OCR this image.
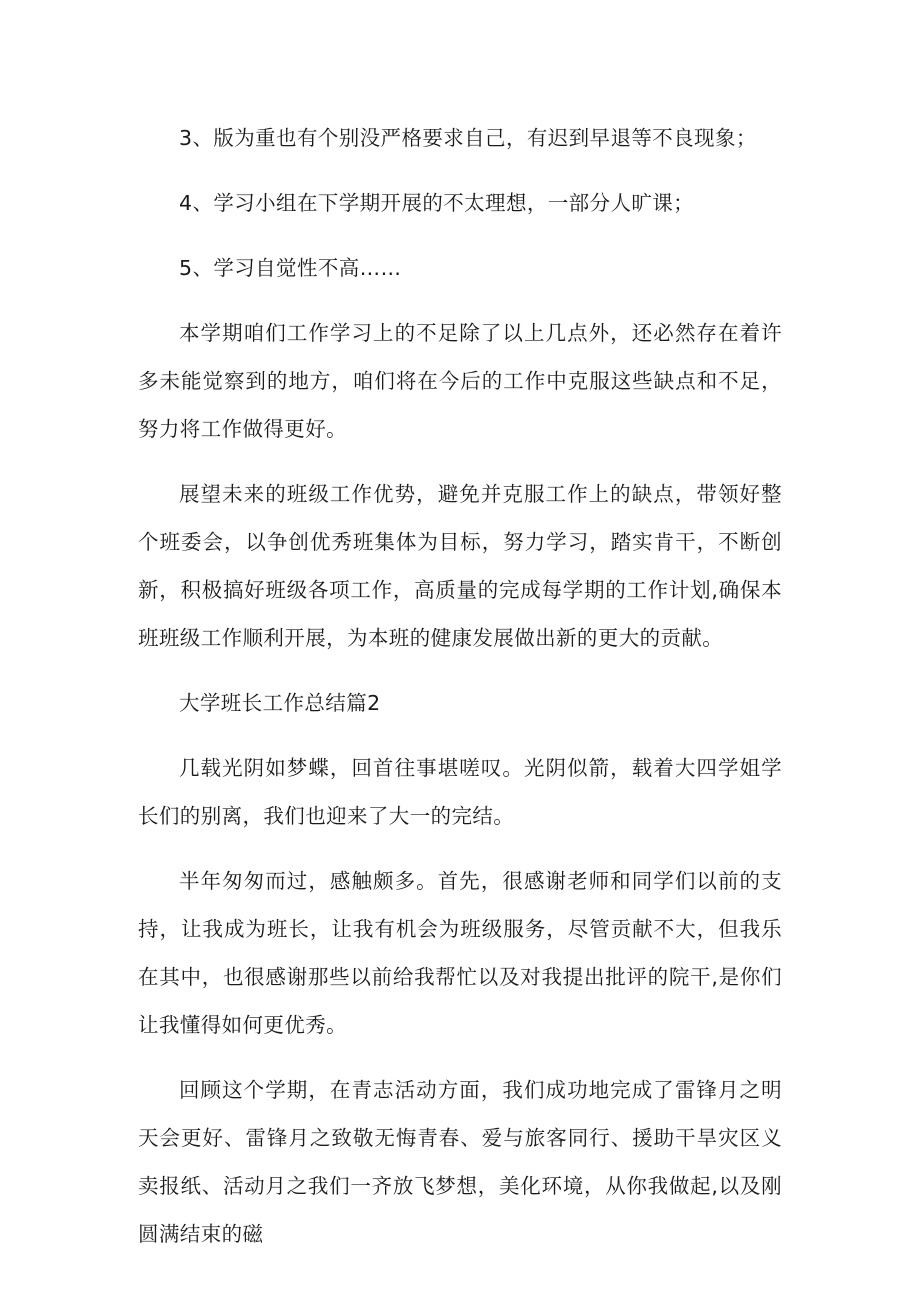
3、版为重也有个别没严格要求自己，有迟到早退等不良现象；

4、学习小组在下学期开展的不太理想，一部分人旷课；

5、学习自觉性不高……

本学期咱们工作学习上的不足除了以上几点外，还必然存在着许多未能觉察到的地方，咱们将在今后的工作中克服这些缺点和不足，努力将工作做得更好。

展望未来的班级工作优势，避免并克服工作上的缺点，带领好整个班委会，以争创优秀班集体为目标，努力学习，踏实肯干，不断创新，积极搞好班级各项工作，高质量的完成每学期的工作计划,确保本班班级工作顺利开展，为本班的健康发展做出新的更大的贡献。

大学班长工作总结篇2

几载光阴如梦蝶，回首往事堪嗟叹。光阴似箭，载着大四学姐学长们的别离，我们也迎来了大一的完结。

半年匆匆而过，感触颇多。首先，很感谢老师和同学们以前的支持，让我成为班长，让我有机会为班级服务，尽管贡献不大，但我乐在其中，也很感谢那些以前给我帮忙以及对我提出批评的院干,是你们让我懂得如何更优秀。

回顾这个学期，在青志活动方面，我们成功地完成了雷锋月之明天会更好、雷锋月之致敬无悔青春、爱与旅客同行、援助干旱灾区义卖报纸、活动月之我们一齐放飞梦想，美化环境，从你我做起,以及刚圆满结束的磁
